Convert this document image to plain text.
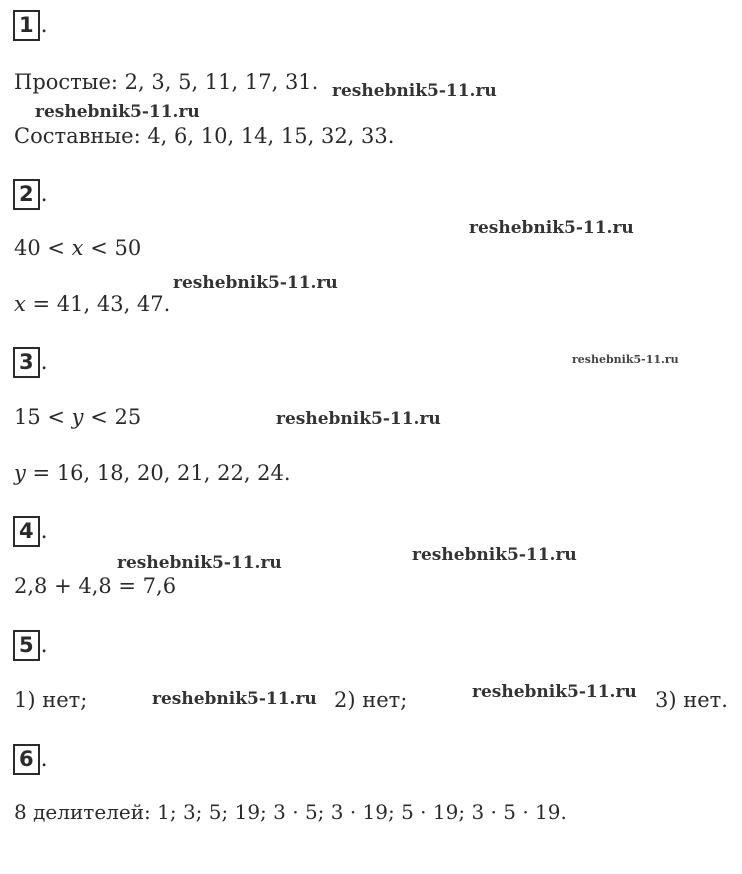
1 .
Простые: 2, 3, 5, 11, 17, 31. reshebnik5-11.ru
reshebnik5-11.ru
Составные: 4, 6, 10, 14, 15, 32, 33.
2 .
reshebnik5-11.ru
40 < x < 50
reshebnik5-11.ru
x = 41, 43, 47.
3 .	reshebnik5-11.ru
15 < y < 25	reshebnik5-11.ru
y = 16, 18, 20, 21, 22, 24.
4 .
reshebnik5-11.ru
reshebnik5-11.ru
2,8 + 4,8 = 7,6
5 .
1) нет;	reshebnik5-11.ru 2) нет;	reshebnik5-11.ru 3) нет.
6 .
8 делителей: 1; 3; 5; 19; 3 · 5; 3 · 19; 5 · 19; 3 · 5 · 19.
